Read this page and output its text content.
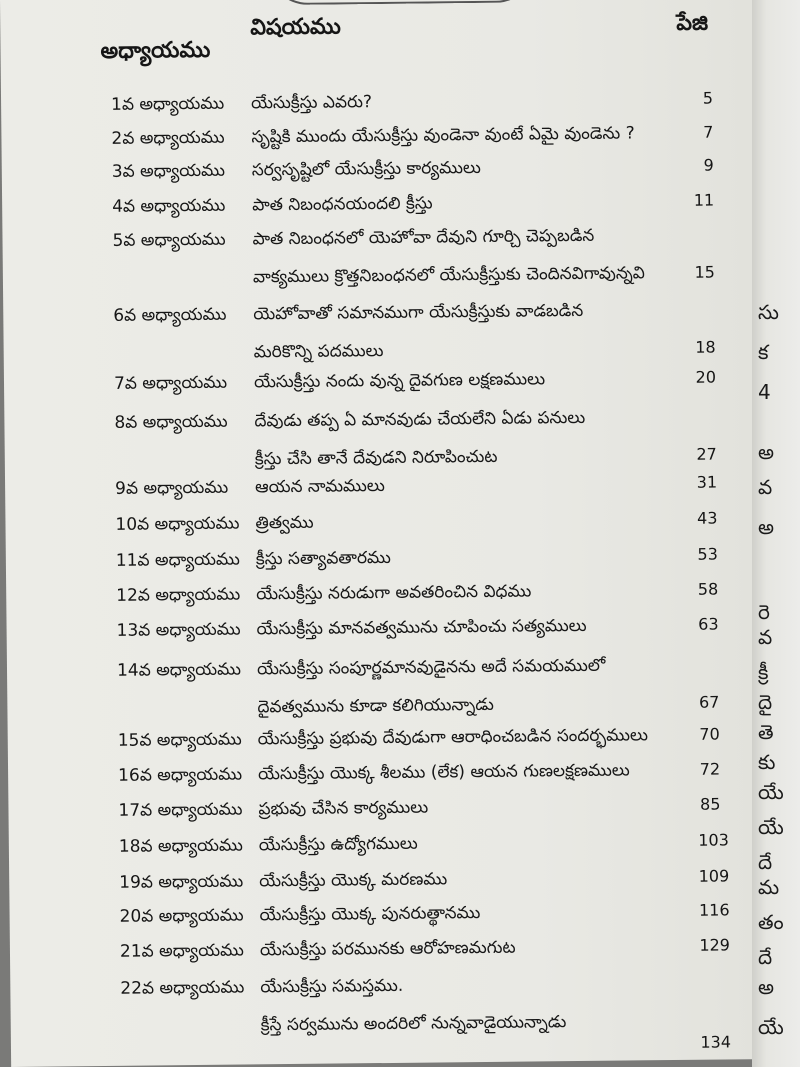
అధ్యాయము
విషయము	పేజి
1వ అధ్యాయము యేసుక్రీస్తు ఎవరు?	5
2వ అధ్యాయము సృష్టికి ముందు యేసుక్రీస్తు వుండెనా వుంటే ఏమై వుండెను ?	7
3వ అధ్యాయము సర్వసృష్టిలో యేసుక్రీస్తు కార్యములు	9
4వ అధ్యాయము పాత నిబంధనయందలి క్రీస్తు	11
5వ అధ్యాయము పాత నిబంధనలో యెహోవా దేవుని గూర్చి చెప్పబడిన
వాక్యములు క్రొత్తనిబంధనలో యేసుక్రీస్తుకు చెందినవిగావున్నవి	15
6వ అధ్యాయము యెహోవాతో సమానముగా యేసుక్రీస్తుకు వాడబడిన
మరికొన్ని పదములు	18
7వ అధ్యాయము యేసుక్రీస్తు నందు వున్న దైవగుణ లక్షణములు	20
8వ అధ్యాయము దేవుడు తప్ప ఏ మానవుడు చేయలేని ఏడు పనులు
క్రీస్తు చేసి తానే దేవుడని నిరూపించుట	27
9వ అధ్యాయము ఆయన నామములు	31
10వ అధ్యాయము త్రిత్వము	43
11వ అధ్యాయము క్రీస్తు సత్యావతారము	53
12వ అధ్యాయము యేసుక్రీస్తు నరుడుగా అవతరించిన విధము	58
13వ అధ్యాయము యేసుక్రీస్తు మానవత్వమును చూపించు సత్యములు	63
14వ అధ్యాయము యేసుక్రీస్తు సంపూర్ణమానవుడైనను అదే సమయములో
దైవత్వమును కూడా కలిగియున్నాడు	67
15వ అధ్యాయము యేసుక్రీస్తు ప్రభువు దేవుడుగా ఆరాధించబడిన సందర్భములు	70
16వ అధ్యాయము యేసుక్రీస్తు యొక్క శీలము (లేక) ఆయన గుణలక్షణములు	72
17వ అధ్యాయము ప్రభువు చేసిన కార్యములు	85
18వ అధ్యాయము యేసుక్రీస్తు ఉద్యోగములు	103
19వ అధ్యాయము యేసుక్రీస్తు యొక్క మరణము	109
20వ అధ్యాయము యేసుక్రీస్తు యొక్క పునరుత్థానము	116
21వ అధ్యాయము యేసుక్రీస్తు పరమునకు ఆరోహణమగుట	129
22వ అధ్యాయము యేసుక్రీస్తు సమస్తము.
క్రీస్తే సర్వమును అందరిలో నున్నవాడైయున్నాడు
134
సు
క
4
అ
వ
అ
రె
వ
క్రీ
దై
తె
కు
యే
యే
దే
మ
తం
దే
అ
యే
